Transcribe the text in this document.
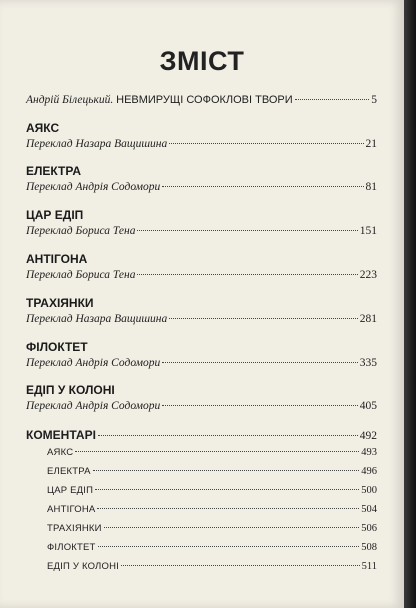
ЗМІСТ
Андрій Білецький. НЕВМИРУЩІ СОФОКЛОВІ ТВОРИ	5
АЯКС
Переклад Назара Ващишина	21
ЕЛЕКТРА
Переклад Андрія Содомори	81
ЦАР ЕДІП
Переклад Бориса Тена	151
АНТІГОНА
Переклад Бориса Тена	223
ТРАХІЯНКИ
Переклад Назара Ващишина	281
ФІЛОКТЕТ
Переклад Андрія Содомори	335
ЕДІП У КОЛОНІ
Переклад Андрія Содомори	405
КОМЕНТАРІ	492
АЯКС	493
ЕЛЕКТРА	496
ЦАР ЕДІП	500
АНТІГОНА	504
ТРАХІЯНКИ	506
ФІЛОКТЕТ	508
ЕДІП У КОЛОНІ	511
